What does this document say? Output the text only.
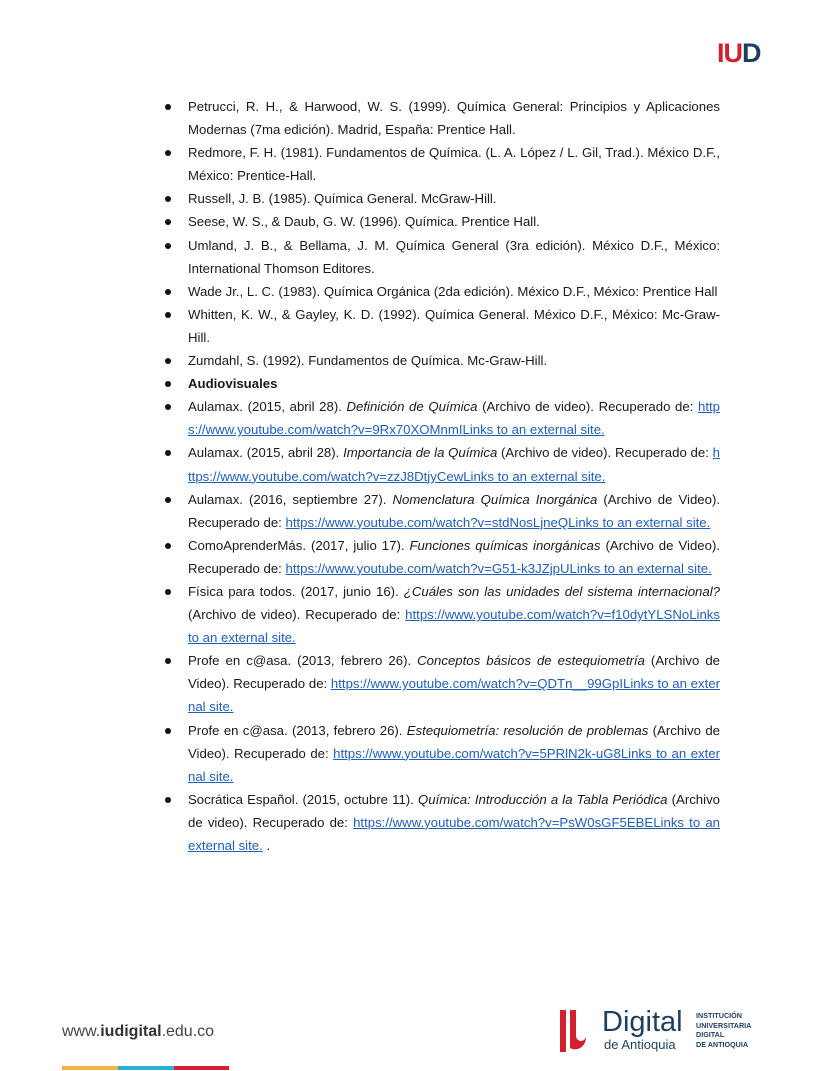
IUD
Petrucci, R. H., & Harwood, W. S. (1999). Química General: Principios y Aplicaciones Modernas (7ma edición). Madrid, España: Prentice Hall.
Redmore, F. H. (1981). Fundamentos de Química. (L. A. López / L. Gil, Trad.). México D.F., México: Prentice-Hall.
Russell, J. B. (1985). Química General. McGraw-Hill.
Seese, W. S., & Daub, G. W. (1996). Química. Prentice Hall.
Umland, J. B., & Bellama, J. M. Química General (3ra edición). México D.F., México: International Thomson Editores.
Wade Jr., L. C. (1983). Química Orgánica (2da edición). México D.F., México: Prentice Hall
Whitten, K. W., & Gayley, K. D. (1992). Química General. México D.F., México: Mc-Graw-Hill.
Zumdahl, S. (1992). Fundamentos de Química. Mc-Graw-Hill.
Audiovisuales
Aulamax. (2015, abril 28). Definición de Química (Archivo de video). Recuperado de: https://www.youtube.com/watch?v=9Rx70XOMnmILinks to an external site.
Aulamax. (2015, abril 28). Importancia de la Química (Archivo de video). Recuperado de: https://www.youtube.com/watch?v=zzJ8DtjyCewLinks to an external site.
Aulamax. (2016, septiembre 27). Nomenclatura Química Inorgánica (Archivo de Video). Recuperado de: https://www.youtube.com/watch?v=stdNosLjneQLinks to an external site.
ComoAprenderMás. (2017, julio 17). Funciones químicas inorgánicas (Archivo de Video). Recuperado de: https://www.youtube.com/watch?v=G51-k3JZjpULinks to an external site.
Física para todos. (2017, junio 16). ¿Cuáles son las unidades del sistema internacional? (Archivo de video). Recuperado de: https://www.youtube.com/watch?v=f10dytYLSNoLinks to an external site.
Profe en c@asa. (2013, febrero 26). Conceptos básicos de estequiometría (Archivo de Video). Recuperado de: https://www.youtube.com/watch?v=QDTn__99GpILinks to an external site.
Profe en c@asa. (2013, febrero 26). Estequiometría: resolución de problemas (Archivo de Video). Recuperado de: https://www.youtube.com/watch?v=5PRlN2k-uG8Links to an external site.
Socrática Español. (2015, octubre 11). Química: Introducción a la Tabla Periódica (Archivo de video). Recuperado de: https://www.youtube.com/watch?v=PsW0sGF5EBELinks to an external site. .
www.iudigital.edu.co	Digital
de Antioquia
INSTITUCIÓN
UNIVERSITARIA
DIGITAL
DE ANTIOQUIA
